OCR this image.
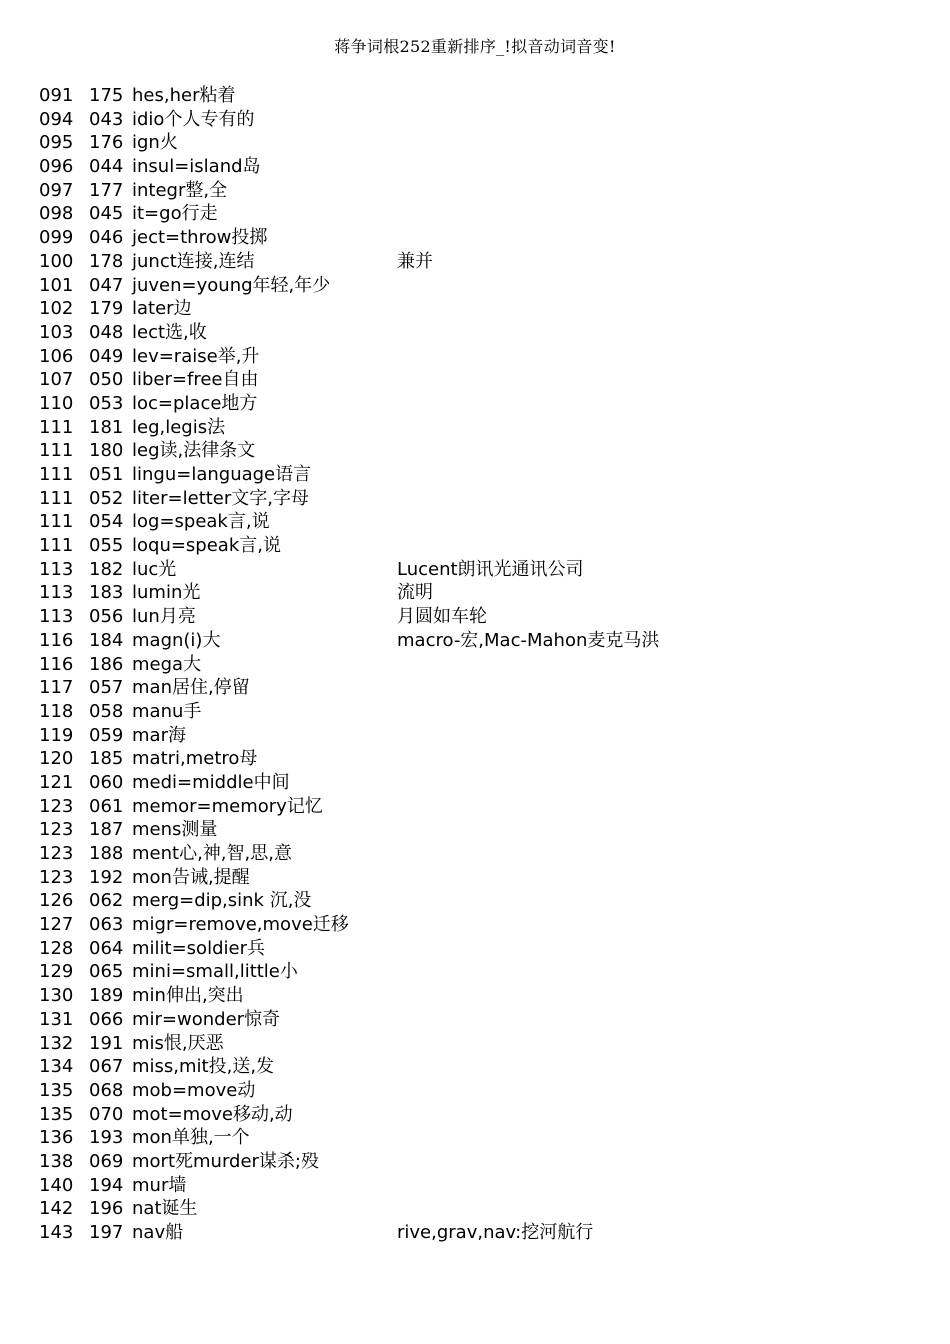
蒋争词根252重新排序_!拟音动词音变!
091 175 hes,her粘着
094 043 idio个人专有的
095 176 ign火
096 044 insul=island岛
097 177 integr整,全
098 045 it=go行走
099 046 ject=throw投掷
100 178 junct连接,连结	兼并
101 047 juven=young年轻,年少
102 179 later边
103 048 lect选,收
106 049 lev=raise举,升
107 050 liber=free自由
110 053 loc=place地方
111 181 leg,legis法
111 180 leg读,法律条文
111 051 lingu=language语言
111 052 liter=letter文字,字母
111 054 log=speak言,说
111 055 loqu=speak言,说
113 182 luc光	Lucent朗讯光通讯公司
113 183 lumin光	流明
113 056 lun月亮	月圆如车轮
116 184 magn(i)大	macro-宏,Mac-Mahon麦克马洪
116 186 mega大
117 057 man居住,停留
118 058 manu手
119 059 mar海
120 185 matri,metro母
121 060 medi=middle中间
123 061 memor=memory记忆
123 187 mens测量
123 188 ment心,神,智,思,意
123 192 mon告诫,提醒
126 062 merg=dip,sink 沉,没
127 063 migr=remove,move迁移
128 064 milit=soldier兵
129 065 mini=small,little小
130 189 min伸出,突出
131 066 mir=wonder惊奇
132 191 mis恨,厌恶
134 067 miss,mit投,送,发
135 068 mob=move动
135 070 mot=move移动,动
136 193 mon单独,一个
138 069 mort死murder谋杀;殁
140 194 mur墙
142 196 nat诞生
143 197 nav船	rive,grav,nav:挖河航行
